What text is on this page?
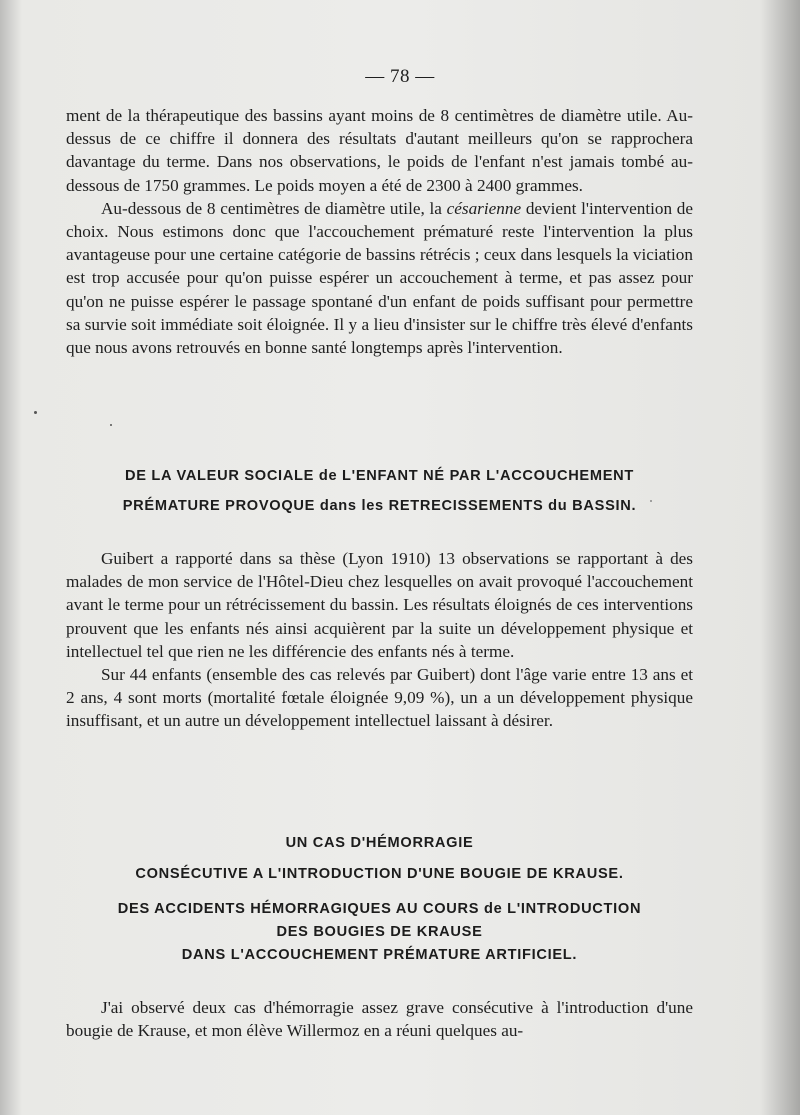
— 78 —

ment de la thérapeutique des bassins ayant moins de 8 centimètres de diamètre utile. Au-dessus de ce chiffre il donnera des résultats d'autant meilleurs qu'on se rapprochera davantage du terme. Dans nos observations, le poids de l'enfant n'est jamais tombé au-dessous de 1750 grammes. Le poids moyen a été de 2300 à 2400 grammes.

Au-dessous de 8 centimètres de diamètre utile, la césarienne devient l'intervention de choix. Nous estimons donc que l'accouchement prématuré reste l'intervention la plus avantageuse pour une certaine catégorie de bassins rétrécis ; ceux dans lesquels la viciation est trop accusée pour qu'on puisse espérer un accouchement à terme, et pas assez pour qu'on ne puisse espérer le passage spontané d'un enfant de poids suffisant pour permettre sa survie soit immédiate soit éloignée. Il y a lieu d'insister sur le chiffre très élevé d'enfants que nous avons retrouvés en bonne santé longtemps après l'intervention.

DE LA VALEUR SOCIALE de L'ENFANT NÉ PAR L'ACCOUCHEMENT
PRÉMATURE PROVOQUE dans les RETRECISSEMENTS du BASSIN.

Guibert a rapporté dans sa thèse (Lyon 1910) 13 observations se rapportant à des malades de mon service de l'Hôtel-Dieu chez lesquelles on avait provoqué l'accouchement avant le terme pour un rétrécissement du bassin. Les résultats éloignés de ces interventions prouvent que les enfants nés ainsi acquièrent par la suite un développement physique et intellectuel tel que rien ne les différencie des enfants nés à terme.

Sur 44 enfants (ensemble des cas relevés par Guibert) dont l'âge varie entre 13 ans et 2 ans, 4 sont morts (mortalité fœtale éloignée 9,09 %), un a un développement physique insuffisant, et un autre un développement intellectuel laissant à désirer.

UN CAS D'HÉMORRAGIE
CONSÉCUTIVE A L'INTRODUCTION D'UNE BOUGIE DE KRAUSE.
DES ACCIDENTS HÉMORRAGIQUES AU COURS de L'INTRODUCTION
DES BOUGIES DE KRAUSE
DANS L'ACCOUCHEMENT PRÉMATURE ARTIFICIEL.

J'ai observé deux cas d'hémorragie assez grave consécutive à l'introduction d'une bougie de Krause, et mon élève Willermoz en a réuni quelques au-
